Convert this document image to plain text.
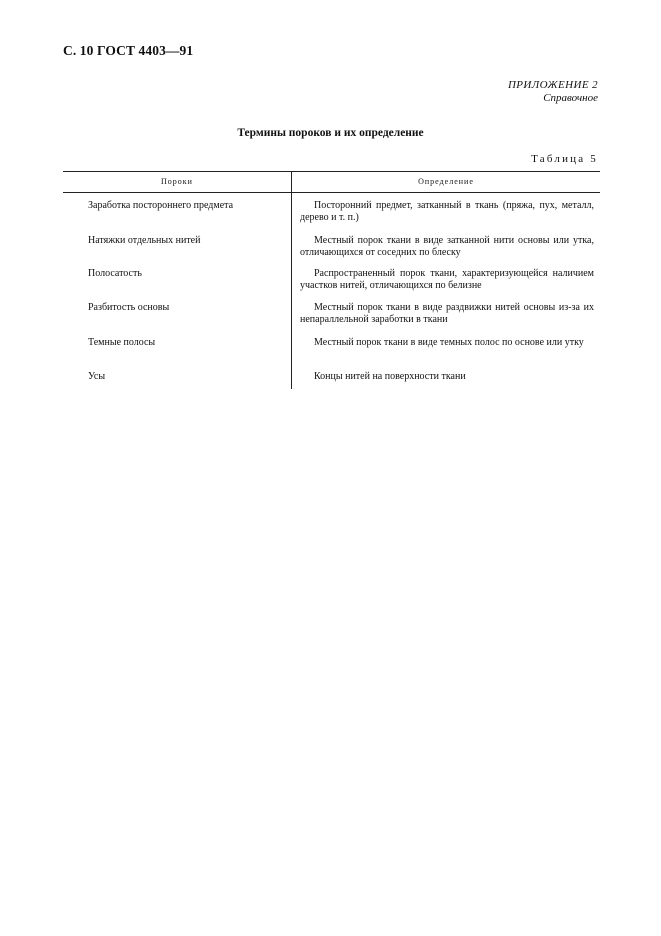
С. 10 ГОСТ 4403—91
ПРИЛОЖЕНИЕ 2
Справочное
Термины пороков и их определение
Таблица 5
Пороки	Определение
Заработка постороннего предмета	Посторонний предмет, затканный в ткань (пряжа, пух, металл, дерево и т. п.)
Натяжки отдельных нитей	Местный порок ткани в виде затканной нити основы или утка, отличающихся от соседних по блеску
Полосатость	Распространенный порок ткани, характеризующейся наличием участков нитей, отличающихся по белизне
Разбитость основы	Местный порок ткани в виде раздвижки нитей основы из-за их непараллельной заработки в ткани
Темные полосы	Местный порок ткани в виде темных полос по основе или утку
Усы	Концы нитей на поверхности ткани
